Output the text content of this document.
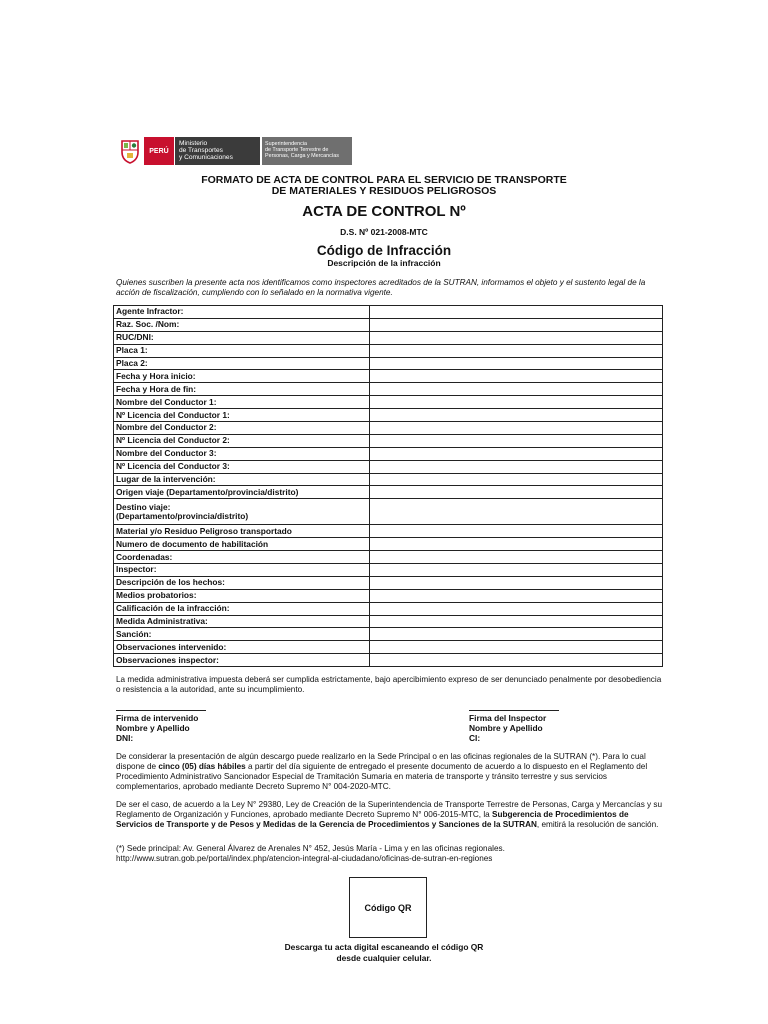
PERÚ
Ministerio
de Transportes
y Comunicaciones
Superintendencia
de Transporte Terrestre de
Personas, Carga y Mercancías
FORMATO DE ACTA DE CONTROL PARA EL SERVICIO DE TRANSPORTE
DE MATERIALES Y RESIDUOS PELIGROSOS
ACTA DE CONTROL Nº
D.S. Nº 021-2008-MTC
Código de Infracción
Descripción de la infracción
Quienes suscriben la presente acta nos identificamos como inspectores acreditados de la SUTRAN, informamos el objeto y el sustento legal de la acción de fiscalización, cumpliendo con lo señalado en la normativa vigente.
Agente Infractor:	
Raz. Soc. /Nom:	
RUC/DNI:	
Placa 1:	
Placa 2:	
Fecha y Hora inicio:	
Fecha y Hora de fin:	
Nombre del Conductor 1:	
Nº Licencia del Conductor 1:	
Nombre del Conductor 2:	
Nº Licencia del Conductor 2:	
Nombre del Conductor 3:	
Nº Licencia del Conductor 3:	
Lugar de la intervención:	
Origen viaje (Departamento/provincia/distrito)	

Destino viaje:
(Departamento/provincia/distrito)	

Material y/o Residuo Peligroso transportado	
Numero de documento de habilitación	
Coordenadas:	
Inspector:	
Descripción de los hechos:	
Medios probatorios:	
Calificación de la infracción:	
Medida Administrativa:	
Sanción:	
Observaciones intervenido:	
Observaciones inspector:	
La medida administrativa impuesta deberá ser cumplida estrictamente, bajo apercibimiento expreso de ser denunciado penalmente por desobediencia o resistencia a la autoridad, ante su incumplimiento.
Firma de intervenido
Nombre y Apellido
DNI:
Firma del Inspector
Nombre y Apellido
CI:
De considerar la presentación de algún descargo puede realizarlo en la Sede Principal o en las oficinas regionales de la SUTRAN (*). Para lo cual dispone de cinco (05) días hábiles a partir del día siguiente de entregado el presente documento de acuerdo a lo dispuesto en el Reglamento del Procedimiento Administrativo Sancionador Especial de Tramitación Sumaria en materia de transporte y tránsito terrestre y sus servicios complementarios, aprobado mediante Decreto Supremo N° 004-2020-MTC.
De ser el caso, de acuerdo a la Ley N° 29380, Ley de Creación de la Superintendencia de Transporte Terrestre de Personas, Carga y Mercancías y su Reglamento de Organización y Funciones, aprobado mediante Decreto Supremo N° 006-2015-MTC, la Subgerencia de Procedimientos de Servicios de Transporte y de Pesos y Medidas de la Gerencia de Procedimientos y Sanciones de la SUTRAN, emitirá la resolución de sanción.
(*) Sede principal: Av. General Álvarez de Arenales N° 452, Jesús María - Lima y en las oficinas regionales.
http://www.sutran.gob.pe/portal/index.php/atencion-integral-al-ciudadano/oficinas-de-sutran-en-regiones
Código QR
Descarga tu acta digital escaneando el código QR
desde cualquier celular.
